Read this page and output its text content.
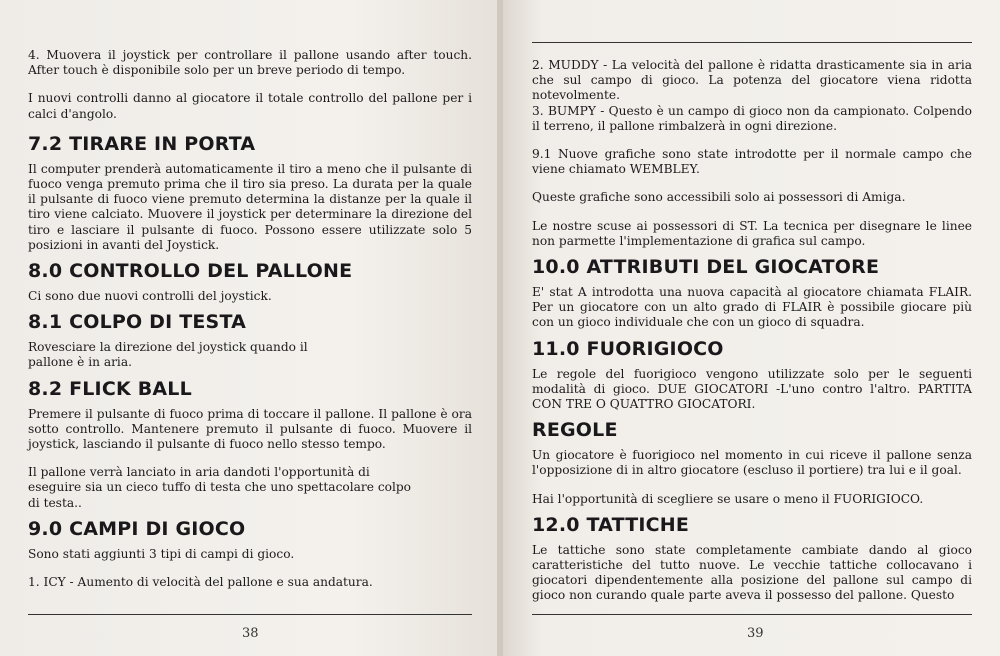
4. Muovera il joystick per controllare il pallone usando after touch. After touch è disponibile solo per un breve periodo di tempo.

I nuovi controlli danno al giocatore il totale controllo del pallone per i calci d'angolo.

7.2 TIRARE IN PORTA

Il computer prenderà automaticamente il tiro a meno che il pulsante di fuoco venga premuto prima che il tiro sia preso. La durata per la quale il pulsante di fuoco viene premuto determina la distanze per la quale il tiro viene calciato. Muovere il joystick per determinare la direzione del tiro e lasciare il pulsante di fuoco. Possono essere utilizzate solo 5 posizioni in avanti del Joystick.

8.0 CONTROLLO DEL PALLONE

Ci sono due nuovi controlli del joystick.

8.1 COLPO DI TESTA

Rovesciare la direzione del joystick quando il pallone è in aria.

8.2 FLICK BALL

Premere il pulsante di fuoco prima di toccare il pallone. Il pallone è ora sotto controllo. Mantenere premuto il pulsante di fuoco. Muovere il joystick, lasciando il pulsante di fuoco nello stesso tempo.

Il pallone verrà lanciato in aria dandoti l'opportunità di eseguire sia un cieco tuffo di testa che uno spettacolare colpo di testa..

9.0 CAMPI DI GIOCO

Sono stati aggiunti 3 tipi di campi di gioco.

1. ICY - Aumento di velocità del pallone e sua andatura.

38

2. MUDDY - La velocità del pallone è ridatta drasticamente sia in aria che sul campo di gioco. La potenza del giocatore viena ridotta notevolmente.

3. BUMPY - Questo è un campo di gioco non da campionato. Colpendo il terreno, il pallone rimbalzerà in ogni direzione.

9.1 Nuove grafiche sono state introdotte per il normale campo che viene chiamato WEMBLEY.

Queste grafiche sono accessibili solo ai possessori di Amiga.

Le nostre scuse ai possessori di ST. La tecnica per disegnare le linee non parmette l'implementazione di grafica sul campo.

10.0 ATTRIBUTI DEL GIOCATORE

E' stat A introdotta una nuova capacità al giocatore chiamata FLAIR. Per un giocatore con un alto grado di FLAIR è possibile giocare più con un gioco individuale che con un gioco di squadra.

11.0 FUORIGIOCO

Le regole del fuorigioco vengono utilizzate solo per le seguenti modalità di gioco. DUE GIOCATORI -L'uno contro l'altro. PARTITA CON TRE O QUATTRO GIOCATORI.

REGOLE

Un giocatore è fuorigioco nel momento in cui riceve il pallone senza l'opposizione di in altro giocatore (escluso il portiere) tra lui e il goal.

Hai l'opportunità di scegliere se usare o meno il FUORIGIOCO.

12.0 TATTICHE

Le tattiche sono state completamente cambiate dando al gioco caratteristiche del tutto nuove. Le vecchie tattiche collocavano i giocatori dipendentemente alla posizione del pallone sul campo di gioco non curando quale parte aveva il possesso del pallone. Questo

39
